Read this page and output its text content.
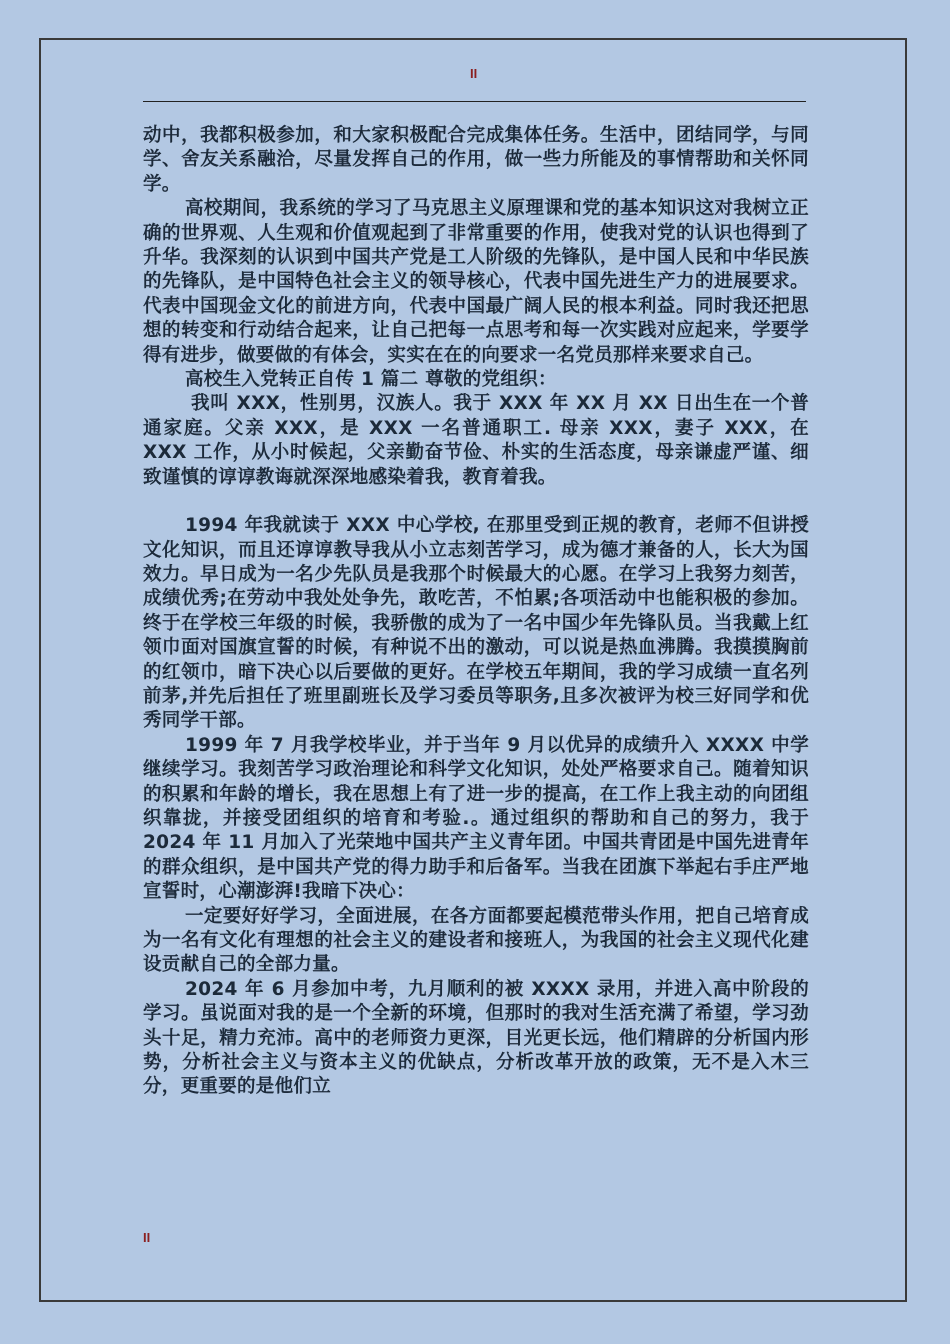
II

动中，我都积极参加，和大家积极配合完成集体任务。生活中，团结同学，与同学、舍友关系融洽，尽量发挥自己的作用，做一些力所能及的事情帮助和关怀同学。

高校期间，我系统的学习了马克思主义原理课和党的基本知识这对我树立正确的世界观、人生观和价值观起到了非常重要的作用，使我对党的认识也得到了升华。我深刻的认识到中国共产党是工人阶级的先锋队，是中国人民和中华民族的先锋队，是中国特色社会主义的领导核心，代表中国先进生产力的进展要求。代表中国现金文化的前进方向，代表中国最广阔人民的根本利益。同时我还把思想的转变和行动结合起来，让自己把每一点思考和每一次实践对应起来，学要学得有进步，做要做的有体会，实实在在的向要求一名党员那样来要求自己。

高校生入党转正自传 1 篇二 尊敬的党组织：

我叫 XXX，性别男，汉族人。我于 XXX 年 XX 月 XX 日出生在一个普通家庭。父亲 XXX，是 XXX 一名普通职工. 母亲 XXX，妻子 XXX，在 XXX 工作，从小时候起，父亲勤奋节俭、朴实的生活态度，母亲谦虚严谨、细致谨慎的谆谆教诲就深深地感染着我，教育着我。

1994 年我就读于 XXX 中心学校, 在那里受到正规的教育，老师不但讲授文化知识，而且还谆谆教导我从小立志刻苦学习，成为德才兼备的人，长大为国效力。早日成为一名少先队员是我那个时候最大的心愿。在学习上我努力刻苦，成绩优秀;在劳动中我处处争先，敢吃苦，不怕累;各项活动中也能积极的参加。终于在学校三年级的时候，我骄傲的成为了一名中国少年先锋队员。当我戴上红领巾面对国旗宣誓的时候，有种说不出的激动，可以说是热血沸腾。我摸摸胸前的红领巾，暗下决心以后要做的更好。在学校五年期间，我的学习成绩一直名列前茅,并先后担任了班里副班长及学习委员等职务,且多次被评为校三好同学和优秀同学干部。

1999 年 7 月我学校毕业，并于当年 9 月以优异的成绩升入 XXXX 中学继续学习。我刻苦学习政治理论和科学文化知识，处处严格要求自己。随着知识的积累和年龄的增长，我在思想上有了进一步的提高，在工作上我主动的向团组织靠拢，并接受团组织的培育和考验.。通过组织的帮助和自己的努力，我于 2024 年 11 月加入了光荣地中国共产主义青年团。中国共青团是中国先进青年的群众组织，是中国共产党的得力助手和后备军。当我在团旗下举起右手庄严地宣誓时，心潮澎湃!我暗下决心：

一定要好好学习，全面进展，在各方面都要起模范带头作用，把自己培育成为一名有文化有理想的社会主义的建设者和接班人，为我国的社会主义现代化建设贡献自己的全部力量。

2024 年 6 月参加中考，九月顺利的被 XXXX 录用，并进入高中阶段的学习。虽说面对我的是一个全新的环境，但那时的我对生活充满了希望，学习劲头十足，精力充沛。高中的老师资力更深，目光更长远，他们精辟的分析国内形势，分析社会主义与资本主义的优缺点，分析改革开放的政策，无不是入木三分，更重要的是他们立

II
